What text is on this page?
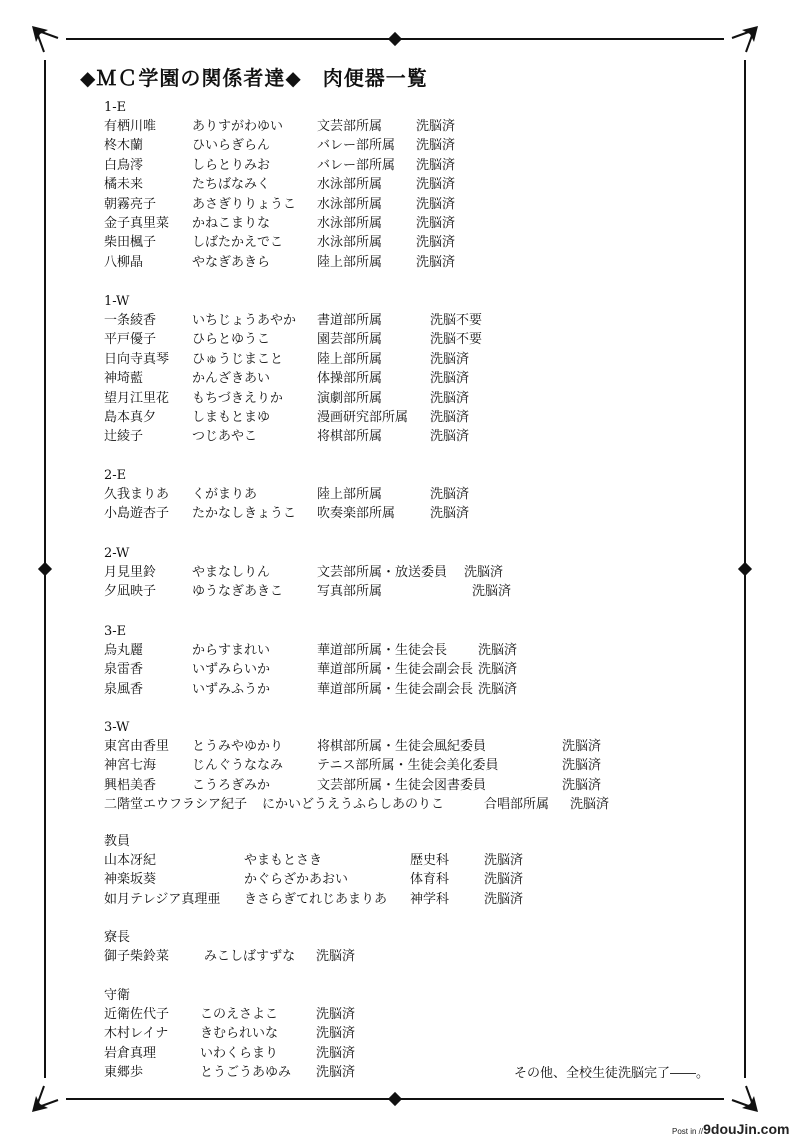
◆ＭＣ学園の関係者達◆　肉便器一覧
1-E
有栖川唯	ありすがわゆい	文芸部所属	洗脳済
柊木蘭	ひいらぎらん	バレー部所属 洗脳済
白鳥澪	しらとりみお	バレー部所属 洗脳済
橘未来	たちばなみく	水泳部所属	洗脳済
朝霧亮子	あさぎりりょうこ 水泳部所属	洗脳済
金子真里菜 かねこまりな	水泳部所属	洗脳済
柴田楓子	しばたかえでこ	水泳部所属	洗脳済
八柳晶	やなぎあきら	陸上部所属	洗脳済
1-W
一条綾香	いちじょうあやか 書道部所属	洗脳不要
平戸優子	ひらとゆうこ	園芸部所属	洗脳不要
日向寺真琴 ひゅうじまこと	陸上部所属	洗脳済
神埼藍	かんざきあい	体操部所属	洗脳済
望月江里花 もちづきえりか	演劇部所属	洗脳済
島本真夕	しまもとまゆ	漫画研究部所属 洗脳済
辻綾子	つじあやこ	将棋部所属	洗脳済
2-E
久我まりあ くがまりあ	陸上部所属	洗脳済
小島遊杏子 たかなしきょうこ 吹奏楽部所属	洗脳済
2-W
月見里鈴	やまなしりん	文芸部所属・放送委員 洗脳済
夕凪映子	ゆうなぎあきこ	写真部所属	洗脳済
3-E
烏丸麗	からすまれい	華道部所属・生徒会長 洗脳済
泉雷香	いずみらいか	華道部所属・生徒会副会長 洗脳済
泉風香	いずみふうか	華道部所属・生徒会副会長 洗脳済
3-W
東宮由香里 とうみやゆかり	将棋部所属・生徒会風紀委員	洗脳済
神宮七海	じんぐうななみ	テニス部所属・生徒会美化委員	洗脳済
興梠美香	こうろぎみか	文芸部所属・生徒会図書委員	洗脳済
二階堂エウフラシア紀子 にかいどうえうふらしあのりこ	合唱部所属 洗脳済
教員
山本冴紀	やまもとさき	歴史科	洗脳済
神楽坂葵	かぐらざかあおい	体育科	洗脳済
如月テレジア真理亜 きさらぎてれじあまりあ 神学科	洗脳済
寮長
御子柴鈴菜	みこしばすずな 洗脳済
守衛
近衛佐代子 このえさよこ	洗脳済
木村レイナ きむられいな	洗脳済
岩倉真理	いわくらまり	洗脳済
東郷歩	とうごうあゆみ 洗脳済	その他、全校生徒洗脳完了――。
Post in //9douJin.com
